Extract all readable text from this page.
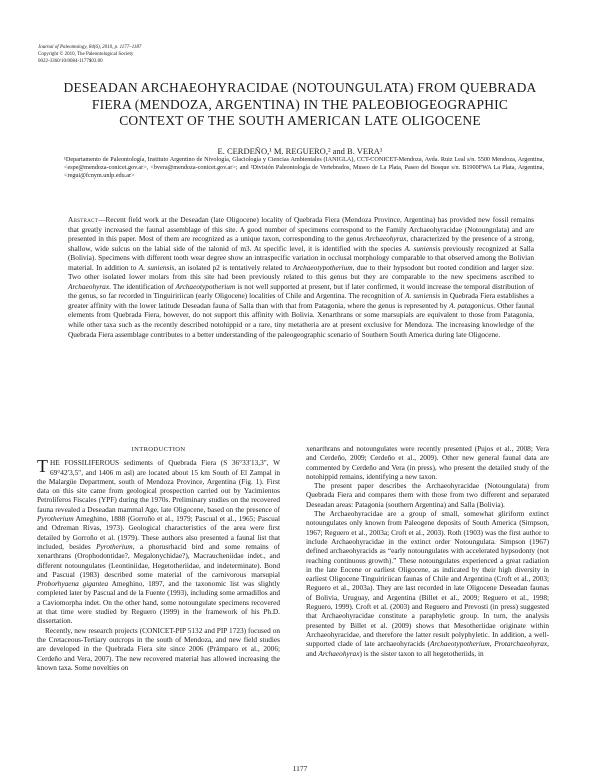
Journal of Paleontology, 84(6), 2010, p. 1177–1187
Copyright © 2010, The Paleontological Society
0022-3360/10/0084-1177$03.00
DESEADAN ARCHAEOHYRACIDAE (NOTOUNGULATA) FROM QUEBRADA FIERA (MENDOZA, ARGENTINA) IN THE PALEOBIOGEOGRAPHIC CONTEXT OF THE SOUTH AMERICAN LATE OLIGOCENE
E. CERDEÑO,¹ M. REGUERO,² and B. VERA¹
¹Departamento de Paleontología, Instituto Argentino de Nivología, Glaciología y Ciencias Ambientales (IANIGLA), CCT-CONICET-Mendoza, Avda. Ruiz Leal s/n. 5500 Mendoza, Argentina, <espe@mendoza-conicet.gov.ar>, <bvera@mendoza-conicet.gov.ar>; and ²División Paleontología de Vertebrados, Museo de La Plata, Paseo del Bosque s/n. B1900FWA La Plata, Argentina, <regui@fcnym.unlp.edu.ar>
Abstract—Recent field work at the Deseadan (late Oligocene) locality of Quebrada Fiera (Mendoza Province, Argentina) has provided new fossil remains that greatly increased the faunal assemblage of this site. A good number of specimens correspond to the Family Archaeohyracidae (Notoungulata) and are presented in this paper. Most of them are recognized as a unique taxon, corresponding to the genus Archaeohyrax, characterized by the presence of a strong, shallow, wide sulcus on the labial side of the talonid of m3. At specific level, it is identified with the species A. suniensis previously recognized at Salla (Bolivia). Specimens with different tooth wear degree show an intraspecific variation in occlusal morphology comparable to that observed among the Bolivian material. In addition to A. suniensis, an isolated p2 is tentatively related to Archaeotypotherium, due to their hypsodont but rooted condition and larger size. Two other isolated lower molars from this site had been previously related to this genus but they are comparable to the new specimens ascribed to Archaeohyrax. The identification of Archaeotypotherium is not well supported at present, but if later confirmed, it would increase the temporal distribution of the genus, so far recorded in Tinguiririican (early Oligocene) localities of Chile and Argentina. The recognition of A. suniensis in Quebrada Fiera establishes a greater affinity with the lower latitude Deseadan fauna of Salla than with that from Patagonia, where the genus is represented by A. patagonicus. Other faunal elements from Quebrada Fiera, however, do not support this affinity with Bolivia. Xenarthrans or some marsupials are equivalent to those from Patagonia, while other taxa such as the recently described notohippid or a rare, tiny metatheria are at present exclusive for Mendoza. The increasing knowledge of the Quebrada Fiera assemblage contributes to a better understanding of the paleogeographic scenario of Southern South America during late Oligocene.
INTRODUCTION

THE FOSSILIFEROUS sediments of Quebrada Fiera (S 36°33′13,3″, W 69°42′3,5″, and 1406 m asl) are located about 15 km South of El Zampal in the Malargüe Department, south of Mendoza Province, Argentina (Fig. 1). First data on this site came from geological prospection carried out by Yacimientos Petrolíferos Fiscales (YPF) during the 1970s. Preliminary studies on the recovered fauna revealed a Deseadan mammal Age, late Oligocene, based on the presence of Pyrotherium Ameghino, 1888 (Gorroño et al., 1979; Pascual et al., 1965; Pascual and Odreman Rivas, 1973). Geological characteristics of the area were first detailed by Gorroño et al. (1979). These authors also presented a faunal list that included, besides Pyrotherium, a phorusrhacid bird and some remains of xenarthrans (Orophodontidae?, Megalonychidae?), Macraucheniidae indet., and different notoungulates (Leontiniidae, Hegetotheriidae, and indeterminate). Bond and Pascual (1983) described some material of the carnivorous marsupial Proborhyaena gigantea Ameghino, 1897, and the taxonomic list was slightly completed later by Pascual and de la Fuente (1993), including some armadillos and a Caviomorpha indet. On the other hand, some notoungulate specimens recovered at that time were studied by Reguero (1999) in the framework of his Ph.D. dissertation.

Recently, new research projects (CONICET-PIP 5132 and PIP 1723) focused on the Cretaceous-Tertiary outcrops in the south of Mendoza, and new field studies are developed in the Quebrada Fiera site since 2006 (Prámparo et al., 2006; Cerdeño and Vera, 2007). The new recovered material has allowed increasing the known taxa. Some novelties on

xenarthrans and notoungulates were recently presented (Pujos et al., 2008; Vera and Cerdeño, 2009; Cerdeño et al., 2009). Other new general faunal data are commented by Cerdeño and Vera (in press), who present the detailed study of the notohippid remains, identifying a new taxon.

The present paper describes the Archaeohyracidae (Notoungulata) from Quebrada Fiera and compares them with those from two different and separated Deseadan areas: Patagonia (southern Argentina) and Salla (Bolivia).

The Archaeohyracidae are a group of small, somewhat gliriform extinct notoungulates only known from Paleogene deposits of South America (Simpson, 1967; Reguero et al., 2003a; Croft et al., 2003). Roth (1903) was the first author to include Archaeohyracidae in the extinct order Notoungulata. Simpson (1967) defined archaeohyracids as “early notoungulates with accelerated hypsodonty (not reaching continuous growth).” These notoungulates experienced a great radiation in the late Eocene or earliest Oligocene, as indicated by their high diversity in earliest Oligocene Tinguiririican faunas of Chile and Argentina (Croft et al., 2003; Reguero et al., 2003a). They are last recorded in late Oligocene Deseadan faunas of Bolivia, Uruguay, and Argentina (Billet et al., 2009; Reguero et al., 1998; Reguero, 1999). Croft et al. (2003) and Reguero and Prevosti (in press) suggested that Archaeohyracidae constitute a paraphyletic group. In turn, the analysis presented by Billet et al. (2009) shows that Mesotheriidae originate within Archaeohyracidae, and therefore the latter result polyphyletic. In addition, a well-supported clade of late archaeohyracids (Archaeotypotherium, Protarchaeohyrax, and Archaeohyrax) is the sister taxon to all hegetotheriids, in

1177
